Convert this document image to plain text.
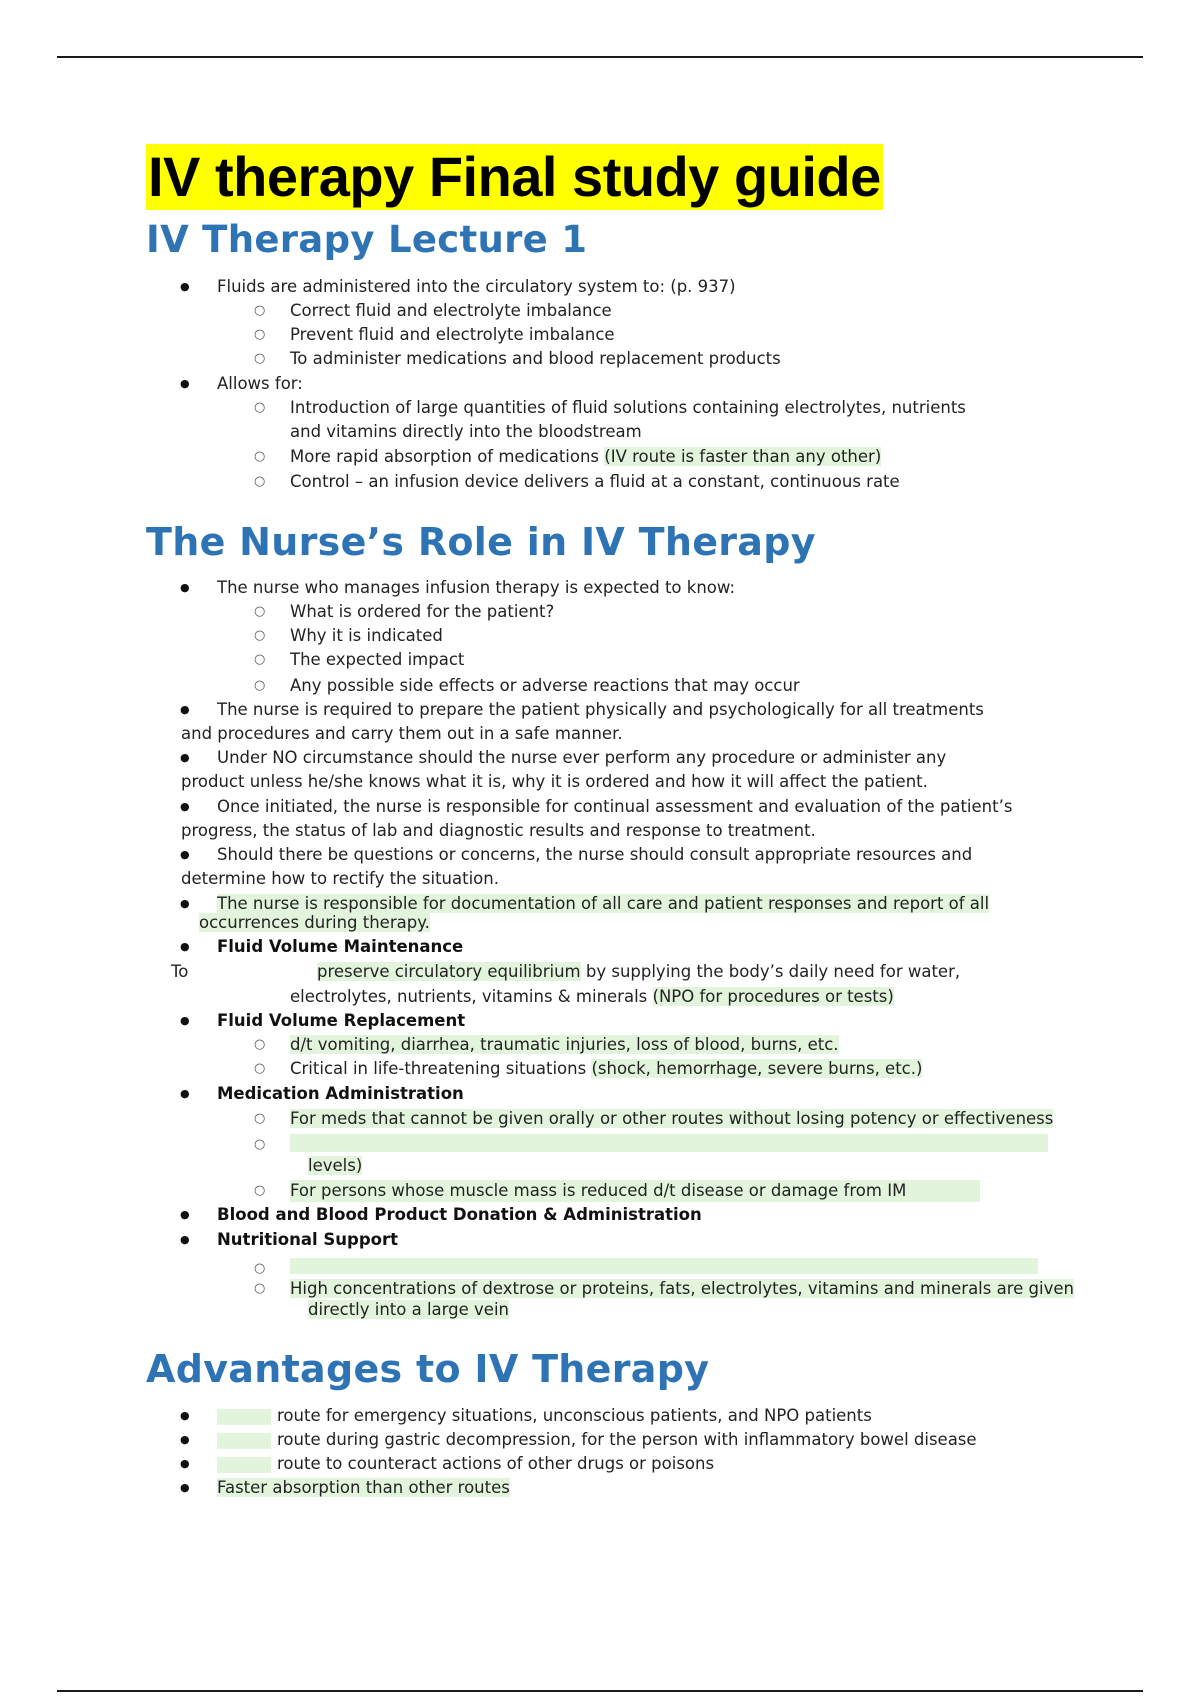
IV therapy Final study guide
IV Therapy Lecture 1
● Fluids are administered into the circulatory system to: (p. 937)
○ Correct fluid and electrolyte imbalance
○ Prevent fluid and electrolyte imbalance
○ To administer medications and blood replacement products
● Allows for:
○ Introduction of large quantities of fluid solutions containing electrolytes, nutrients
and vitamins directly into the bloodstream
○ More rapid absorption of medications (IV route is faster than any other)
○ Control – an infusion device delivers a fluid at a constant, continuous rate
The Nurse’s Role in IV Therapy
● The nurse who manages infusion therapy is expected to know:
○ What is ordered for the patient?
○ Why it is indicated
○ The expected impact
○ Any possible side effects or adverse reactions that may occur
● The nurse is required to prepare the patient physically and psychologically for all treatments
and procedures and carry them out in a safe manner.
● Under NO circumstance should the nurse ever perform any procedure or administer any
product unless he/she knows what it is, why it is ordered and how it will affect the patient.
● Once initiated, the nurse is responsible for continual assessment and evaluation of the patient’s
progress, the status of lab and diagnostic results and response to treatment.
● Should there be questions or concerns, the nurse should consult appropriate resources and
determine how to rectify the situation.
● The nurse is responsible for documentation of all care and patient responses and report of all
occurrences during therapy.
● Fluid Volume Maintenance
To	preserve circulatory equilibrium by supplying the body’s daily need for water,
electrolytes, nutrients, vitamins & minerals (NPO for procedures or tests)
● Fluid Volume Replacement
○ d/t vomiting, diarrhea, traumatic injuries, loss of blood, burns, etc.
○ Critical in life-threatening situations (shock, hemorrhage, severe burns, etc.)
● Medication Administration
○ For meds that cannot be given orally or other routes without losing potency or effectiveness
○
levels)
○ For persons whose muscle mass is reduced d/t disease or damage from IM
● Blood and Blood Product Donation & Administration
● Nutritional Support
○
○ High concentrations of dextrose or proteins, fats, electrolytes, vitamins and minerals are given
directly into a large vein
Advantages to IV Therapy
●	route for emergency situations, unconscious patients, and NPO patients
●	route during gastric decompression, for the person with inflammatory bowel disease
●	route to counteract actions of other drugs or poisons
● Faster absorption than other routes
